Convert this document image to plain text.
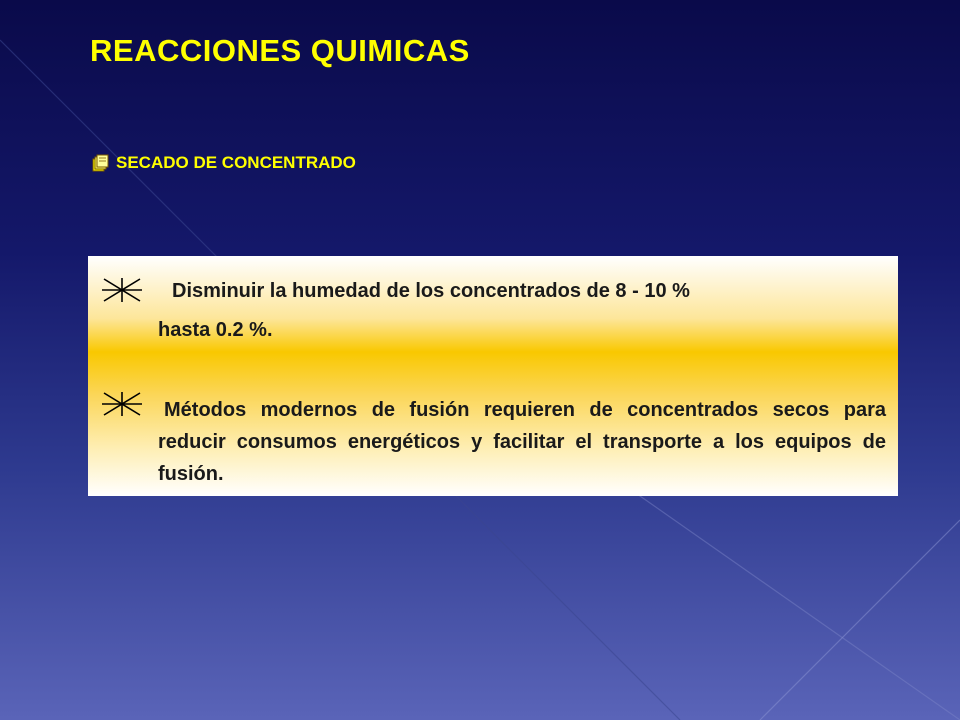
REACCIONES QUIMICAS
SECADO DE CONCENTRADO
Disminuir la humedad de los concentrados de 8 - 10 %
hasta 0.2 %.
Métodos modernos de fusión requieren de concentrados secos para reducir consumos energéticos y facilitar el transporte a los equipos de fusión.
